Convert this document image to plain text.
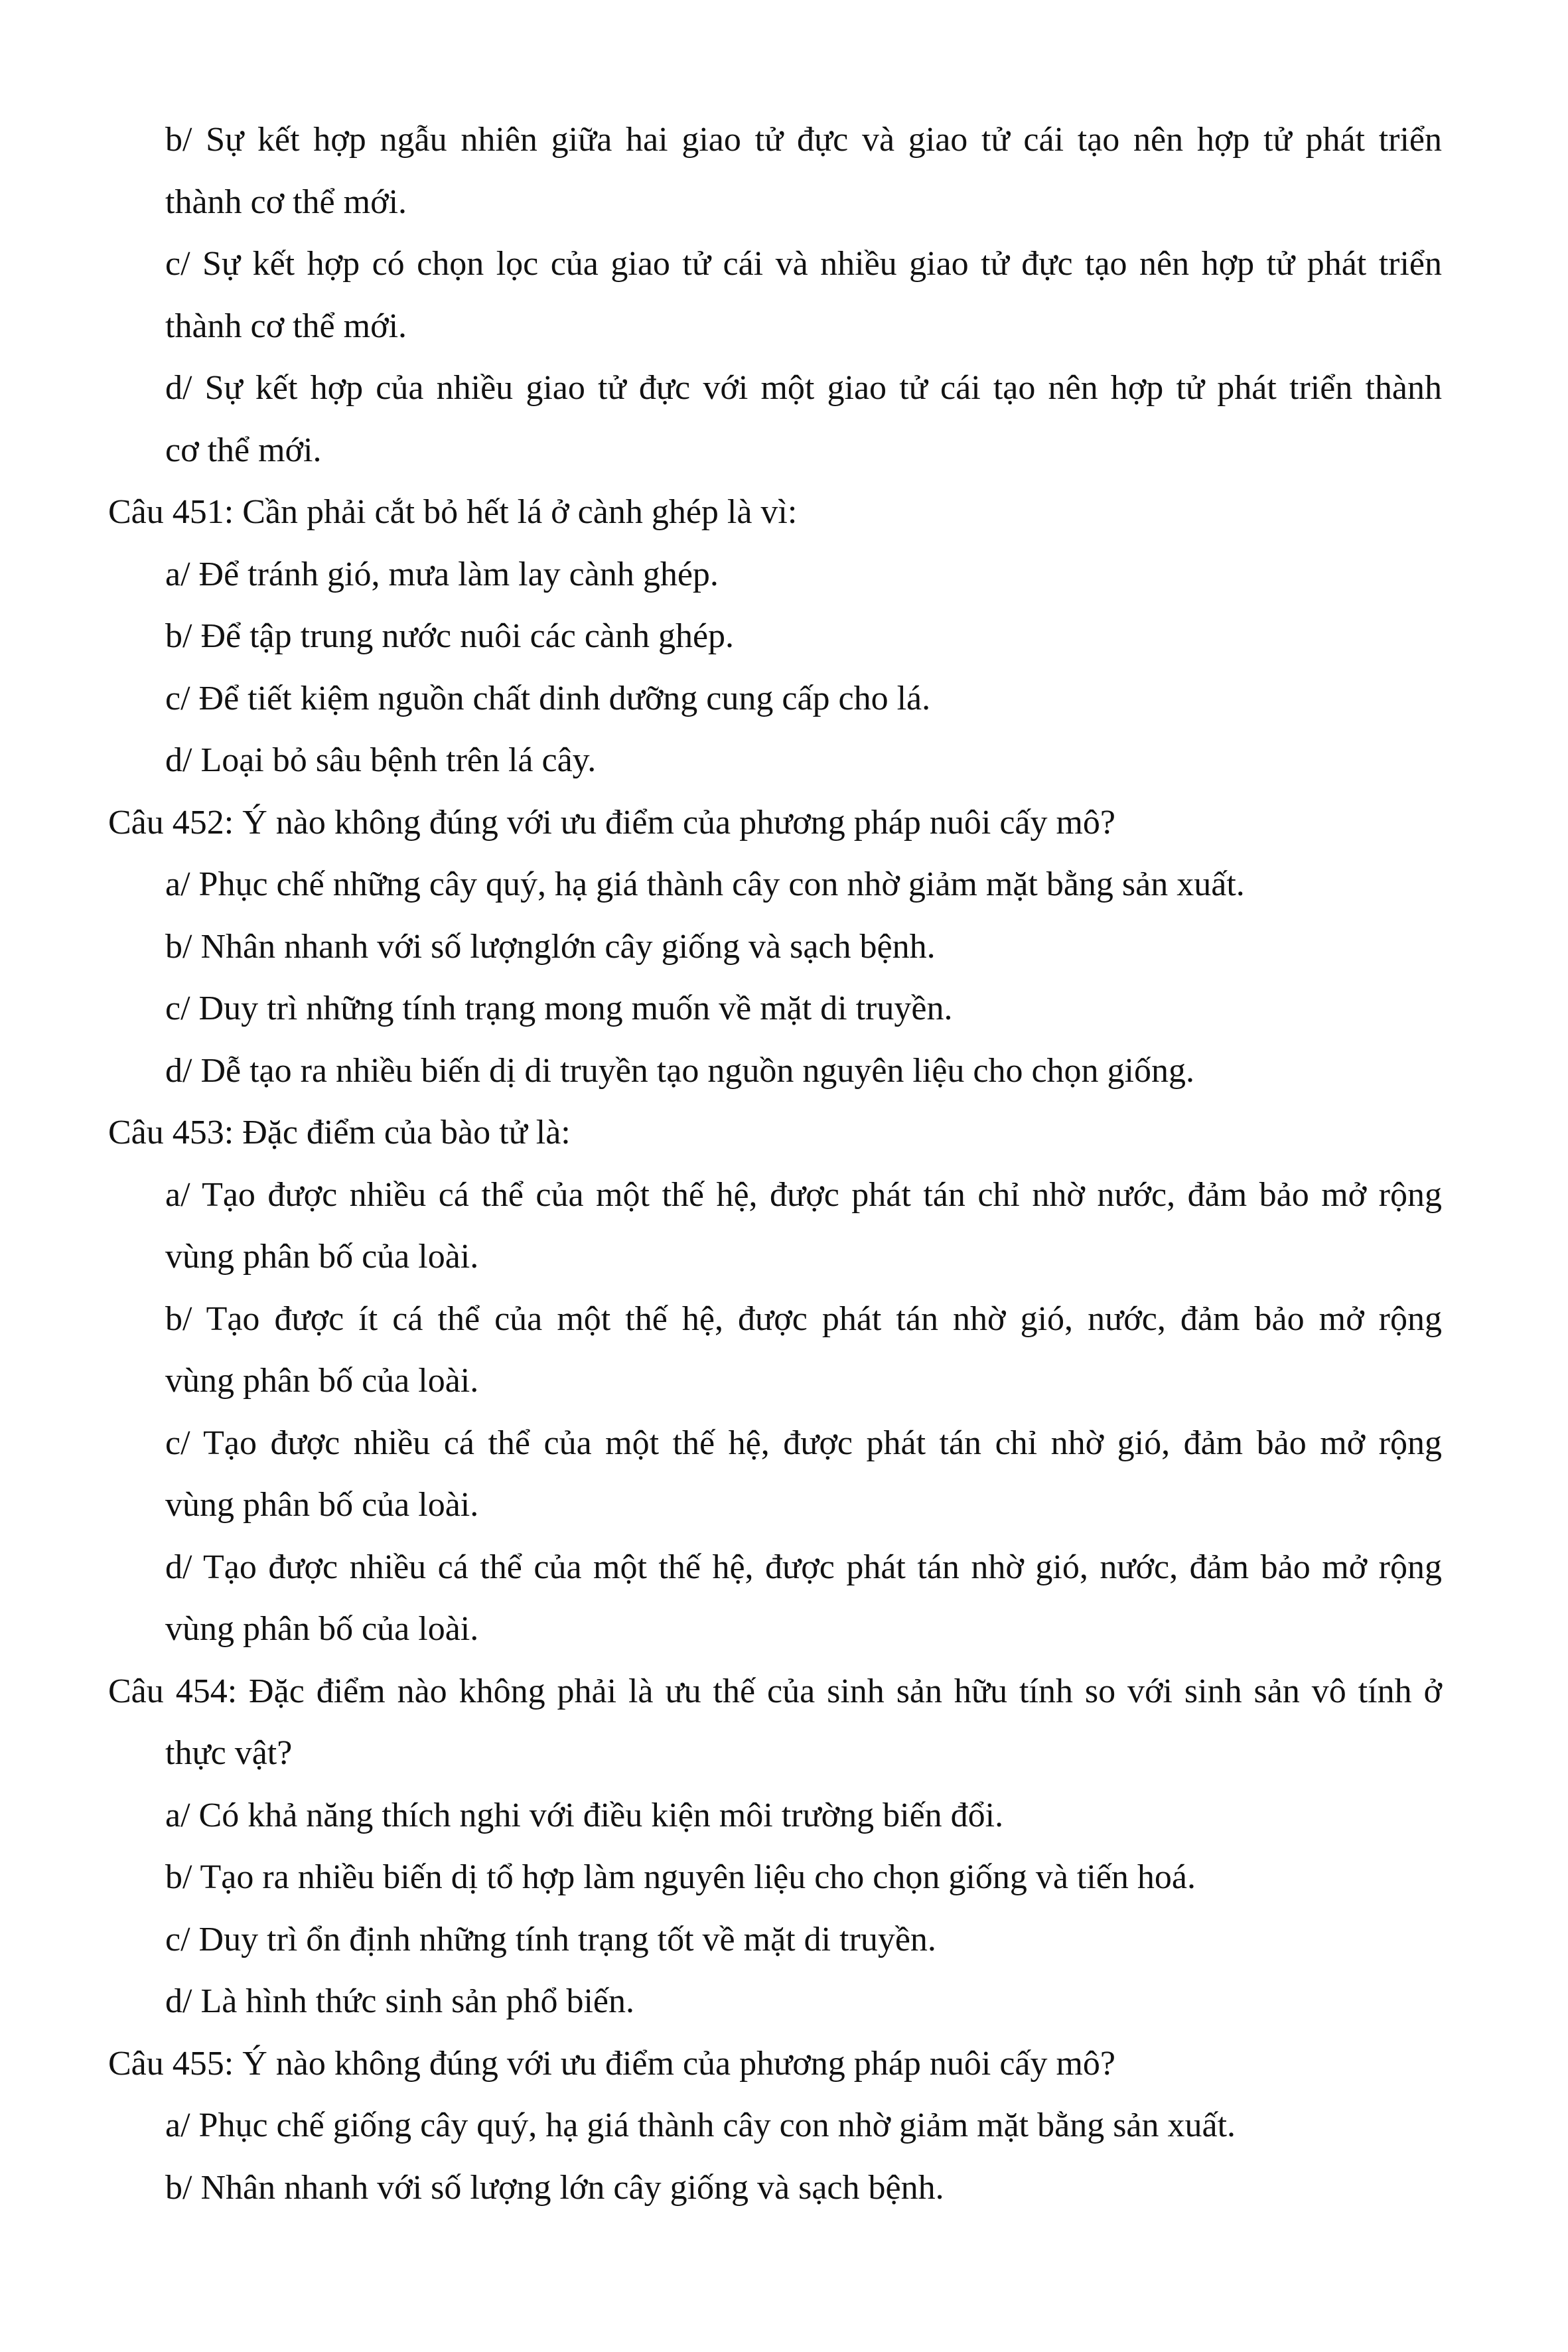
b/ Sự kết hợp ngẫu nhiên giữa hai giao tử đực và giao tử cái tạo nên hợp tử phát triển
thành cơ thể mới.
c/ Sự kết hợp có chọn lọc của giao tử cái và nhiều giao tử đực tạo nên hợp tử phát triển
thành cơ thể mới.
d/ Sự kết hợp của nhiều giao tử đực với một giao tử cái tạo nên hợp tử phát triển thành
cơ thể mới.
Câu 451: Cần phải cắt bỏ hết lá ở cành ghép là vì:
a/ Để tránh gió, mưa làm lay cành ghép.
b/ Để tập trung nước nuôi các cành ghép.
c/ Để tiết kiệm nguồn chất dinh dưỡng cung cấp cho lá.
d/ Loại bỏ sâu bệnh trên lá cây.
Câu 452: Ý nào không đúng với ưu điểm của phương pháp nuôi cấy mô?
a/ Phục chế những cây quý, hạ giá thành cây con nhờ giảm mặt bằng sản xuất.
b/ Nhân nhanh với số lượnglớn cây giống và sạch bệnh.
c/ Duy trì những tính trạng mong muốn về mặt di truyền.
d/ Dễ tạo ra nhiều biến dị di truyền tạo nguồn nguyên liệu cho chọn giống.
Câu 453: Đặc điểm của bào tử là:
a/ Tạo được nhiều cá thể của một thế hệ, được phát tán chỉ nhờ nước, đảm bảo mở rộng
vùng phân bố của loài.
b/ Tạo được ít cá thể của một thế hệ, được phát tán nhờ gió, nước, đảm bảo mở rộng
vùng phân bố của loài.
c/ Tạo được nhiều cá thể của một thế hệ, được phát tán chỉ nhờ gió, đảm bảo mở rộng
vùng phân bố của loài.
d/ Tạo được nhiều cá thể của một thế hệ, được phát tán nhờ gió, nước, đảm bảo mở rộng
vùng phân bố của loài.
Câu 454: Đặc điểm nào không phải là ưu thế của sinh sản hữu tính so với sinh sản vô tính ở
thực vật?
a/ Có khả năng thích nghi với điều kiện môi trường biến đổi.
b/ Tạo ra nhiều biến dị tổ hợp làm nguyên liệu cho chọn giống và tiến hoá.
c/ Duy trì ổn định những tính trạng tốt về mặt di truyền.
d/ Là hình thức sinh sản phổ biến.
Câu 455: Ý nào không đúng với ưu điểm của phương pháp nuôi cấy mô?
a/ Phục chế giống cây quý, hạ giá thành cây con nhờ giảm mặt bằng sản xuất.
b/ Nhân nhanh với số lượng lớn cây giống và sạch bệnh.
